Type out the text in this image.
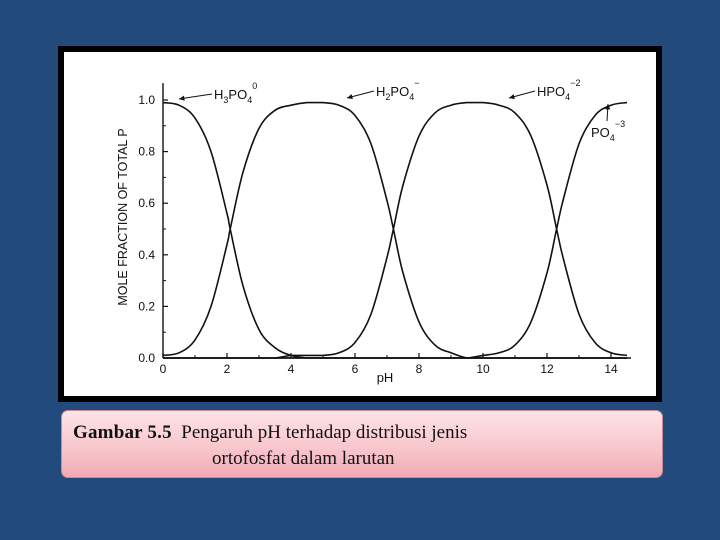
0	2	4	6	8	10	12	14
0.0
0.2
0.4
0.6
0.8
1.0	$H_3PO_4^0$	$H_2PO_4^-$
$HPO_4^{-2}$
$PO_4^{-3}$
pH
MOLE FRACTION OF TOTAL P
Gambar 5.5 Pengaruh pH terhadap distribusi jenis
ortofosfat dalam larutan
